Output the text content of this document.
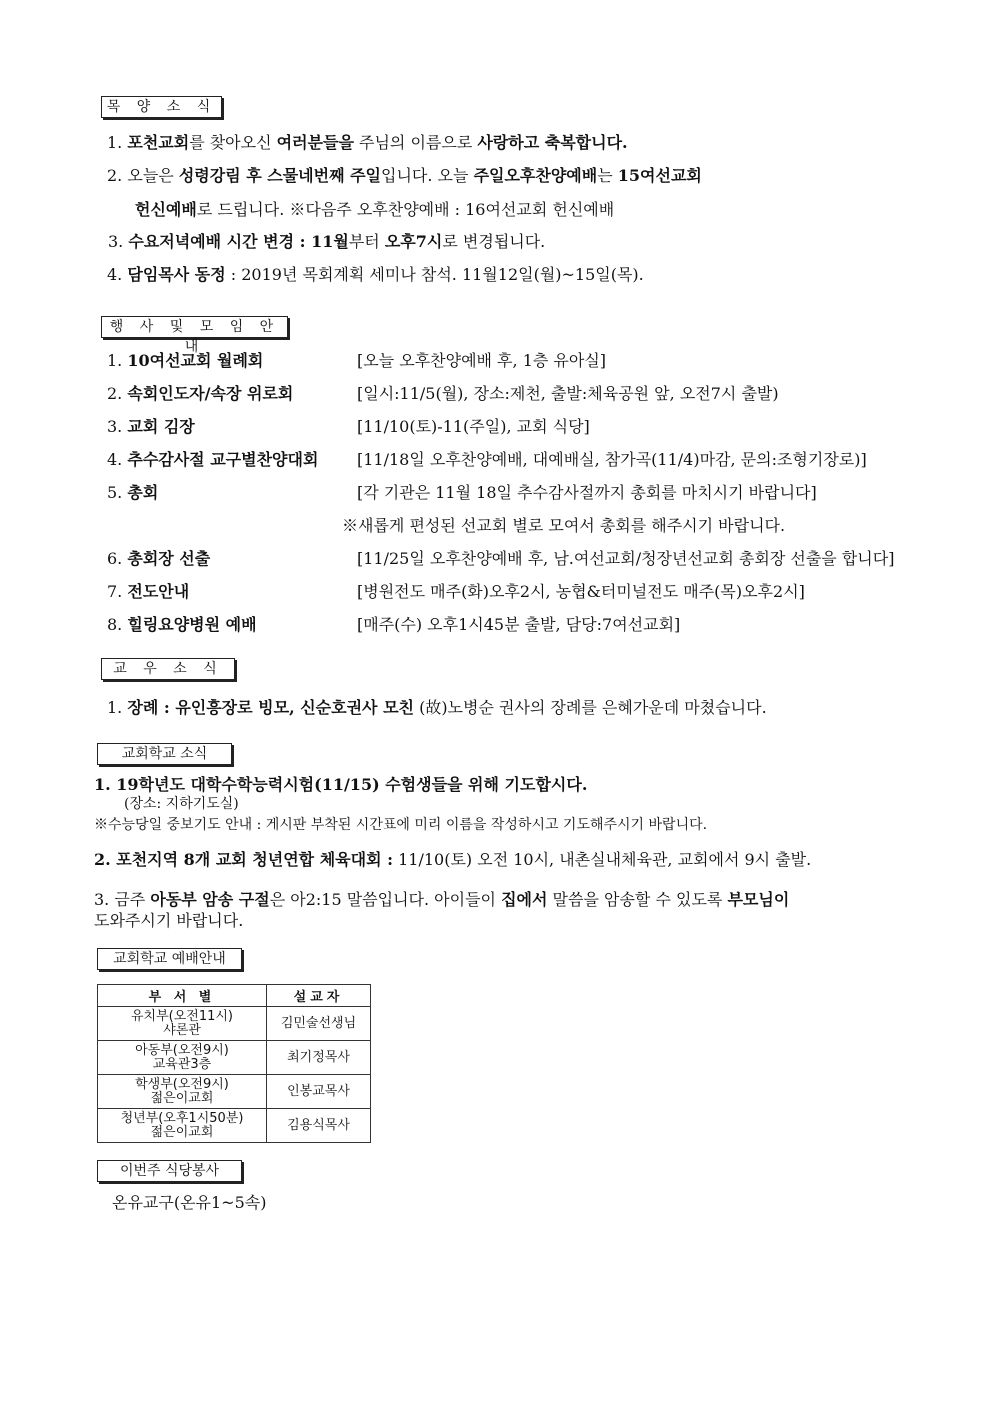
목 양 소 식
1. 포천교회를 찾아오신 여러분들을 주님의 이름으로 사랑하고 축복합니다.
2. 오늘은 성령강림 후 스물네번째 주일입니다. 오늘 주일오후찬양예배는 15여선교회
헌신예배로 드립니다. ※다음주 오후찬양예배 : 16여선교회 헌신예배
3. 수요저녁예배 시간 변경 : 11월부터 오후7시로 변경됩니다.
4. 담임목사 동정 : 2019년 목회계획 세미나 참석. 11월12일(월)~15일(목).
행 사 및 모 임 안 내
1. 10여선교회 월례회	[오늘 오후찬양예배 후, 1층 유아실]
2. 속회인도자/속장 위로회	[일시:11/5(월), 장소:제천, 출발:체육공원 앞, 오전7시 출발)
3. 교회 김장	[11/10(토)-11(주일), 교회 식당]
4. 추수감사절 교구별찬양대회 [11/18일 오후찬양예배, 대예배실, 참가곡(11/4)마감, 문의:조형기장로)]
5. 총회	[각 기관은 11월 18일 추수감사절까지 총회를 마치시기 바랍니다]
※새롭게 편성된 선교회 별로 모여서 총회를 해주시기 바랍니다.
6. 총회장 선출	[11/25일 오후찬양예배 후, 남.여선교회/청장년선교회 총회장 선출을 합니다]
7. 전도안내	[병원전도 매주(화)오후2시, 농협&터미널전도 매주(목)오후2시]
8. 힐링요양병원 예배	[매주(수) 오후1시45분 출발, 담당:7여선교회]
교 우 소 식
1. 장례 : 유인흥장로 빙모, 신순호권사 모친 (故)노병순 권사의 장례를 은혜가운데 마쳤습니다.
교회학교 소식
1. 19학년도 대학수학능력시험(11/15) 수험생들을 위해 기도합시다.
(장소: 지하기도실)
※수능당일 중보기도 안내 : 게시판 부착된 시간표에 미리 이름을 작성하시고 기도해주시기 바랍니다.
2. 포천지역 8개 교회 청년연합 체육대회 : 11/10(토) 오전 10시, 내촌실내체육관, 교회에서 9시 출발.
3. 금주 아동부 암송 구절은 아2:15 말씀입니다. 아이들이 집에서 말씀을 암송할 수 있도록 부모님이
도와주시기 바랍니다.
교회학교 예배안내
부 서 별	설교자

유치부(오전11시)
샤론관	김민술선생님

아동부(오전9시)
교육관3층	최기정목사

학생부(오전9시)
젊은이교회	인봉교목사

청년부(오후1시50분)
젊은이교회	김용식목사
이번주 식당봉사
온유교구(온유1~5속)
